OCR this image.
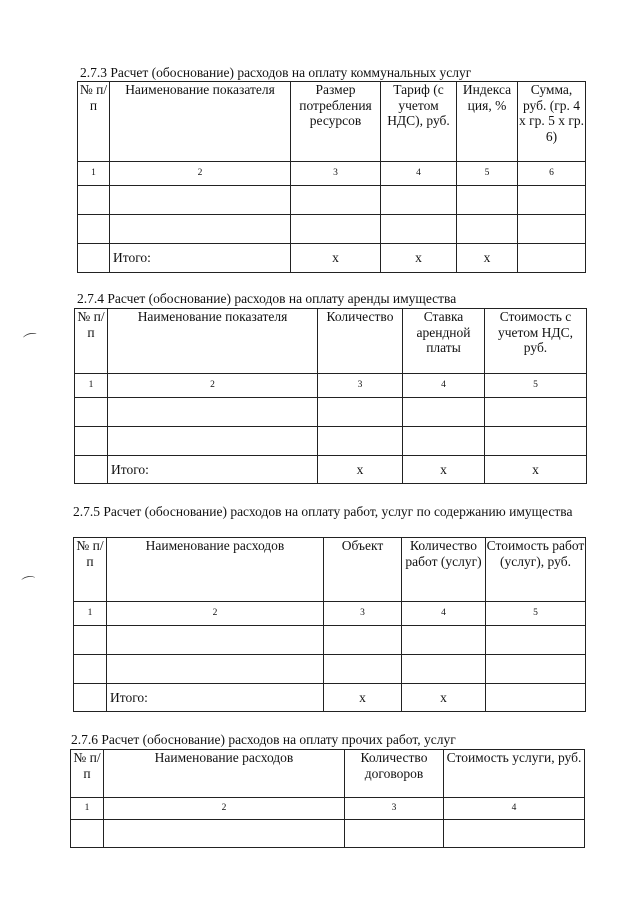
2.7.3 Расчет (обоснование) расходов на оплату коммунальных услуг
№ п/п	Наименование показателя	Размер потребления ресурсов	Тариф (с учетом НДС), руб.	Индекса ция, %	Сумма, руб. (гр. 4 x гр. 5 x гр. 6)
1	2	3	4	5	6

	Итого:	x	x	x	
2.7.4 Расчет (обоснование) расходов на оплату аренды имущества
№ п/п	Наименование показателя	Количество	Ставка арендной платы	Стоимость с учетом НДС, руб.
1	2	3	4	5

	Итого:	x	x	x
2.7.5 Расчет (обоснование) расходов на оплату работ, услуг по содержанию имущества
№ п/п	Наименование расходов	Объект	Количество работ (услуг)	Стоимость работ (услуг), руб.
1	2	3	4	5

	Итого:	x	x	
2.7.6 Расчет (обоснование) расходов на оплату прочих работ, услуг
№ п/п	Наименование расходов	Количество договоров	Стоимость услуги, руб.
1	2	3	4

⌒
⌒
